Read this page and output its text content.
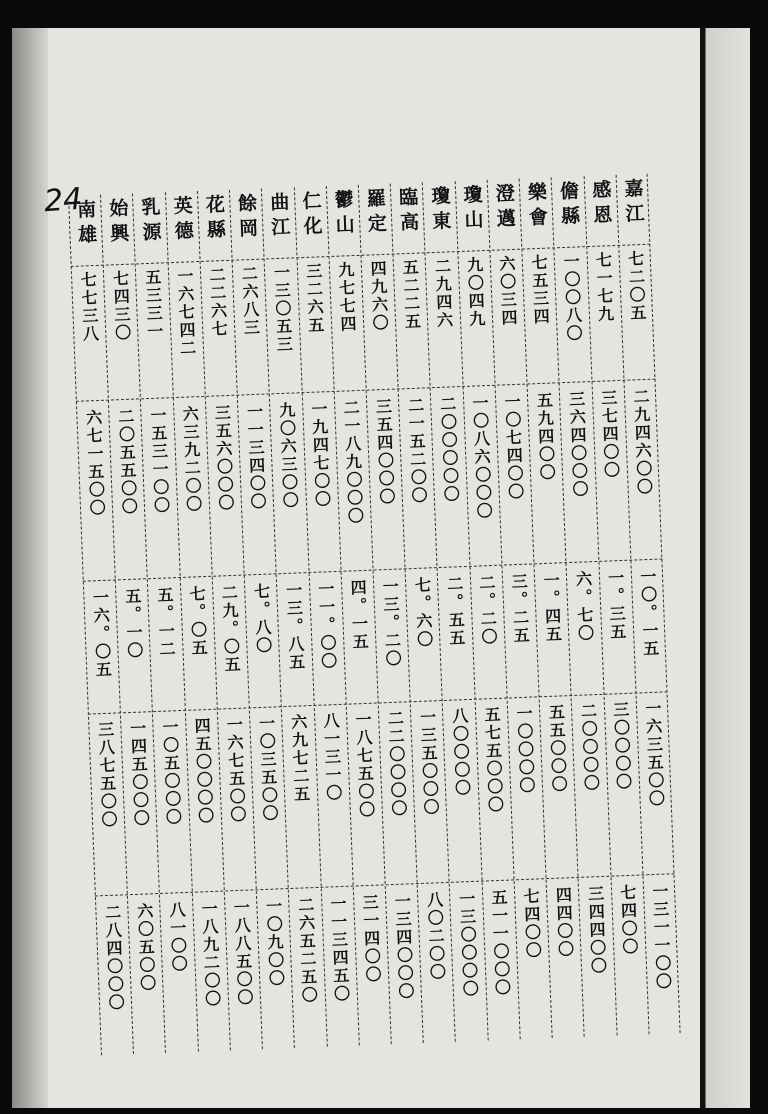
24	嘉江
七二〇五
二九四六〇〇
一〇。一五
一六三五〇〇
一三一一〇〇
感恩
七一七九
三七四〇〇
一。三五
三〇〇〇〇
七四〇〇
儋縣
一〇〇八〇
三六四〇〇〇
六。七〇
二〇〇〇〇
三四四〇〇
樂會
七五三四
五九四〇〇
一。四五
五五〇〇〇
四四〇〇
澄邁
六〇三四
一〇七四〇〇
三。二五
一〇〇〇〇
七四〇〇
瓊山
九〇四九
一〇八六〇〇〇
二。二〇
五七五〇〇〇
五一一〇〇〇
瓊東
二九四六
二〇〇〇〇〇
二。五五
八〇〇〇〇
一三〇〇〇〇
臨高
五二二五
二一五二〇〇
七。六〇
一三五〇〇〇
八〇二〇〇
羅定
四九六〇
三五四〇〇〇
一三。二〇
二二〇〇〇〇
一三四〇〇〇
鬱山
九七七四
二一八九〇〇〇
四。一五
一八七五〇〇
三一四〇〇
仁化
三二六五
一九四七〇〇
一一。〇〇
八一三一〇
一一三四五〇
曲江
一三〇五三
九〇六三〇〇
一三。八五
六九七二五
二六五二五〇
餘岡
二六八三
一一三四〇〇
七。八〇
一〇三五〇〇
一〇九〇〇
花縣
二二六七
三五六〇〇〇
二九。〇五
一六七五〇〇
一八八五〇〇
英德
一六七四二
六三九二〇〇
七。〇五
四五〇〇〇〇
一八九二〇〇
乳源
五三三一
一五三一〇〇
五。一二
一〇五〇〇〇
八一〇〇
始興
七四三〇
二〇五五〇〇
五。一〇
一四五〇〇〇
六〇五〇〇
南雄
七七三八
六七一五〇〇
一六。〇五
三八七五〇〇
二八四〇〇〇
